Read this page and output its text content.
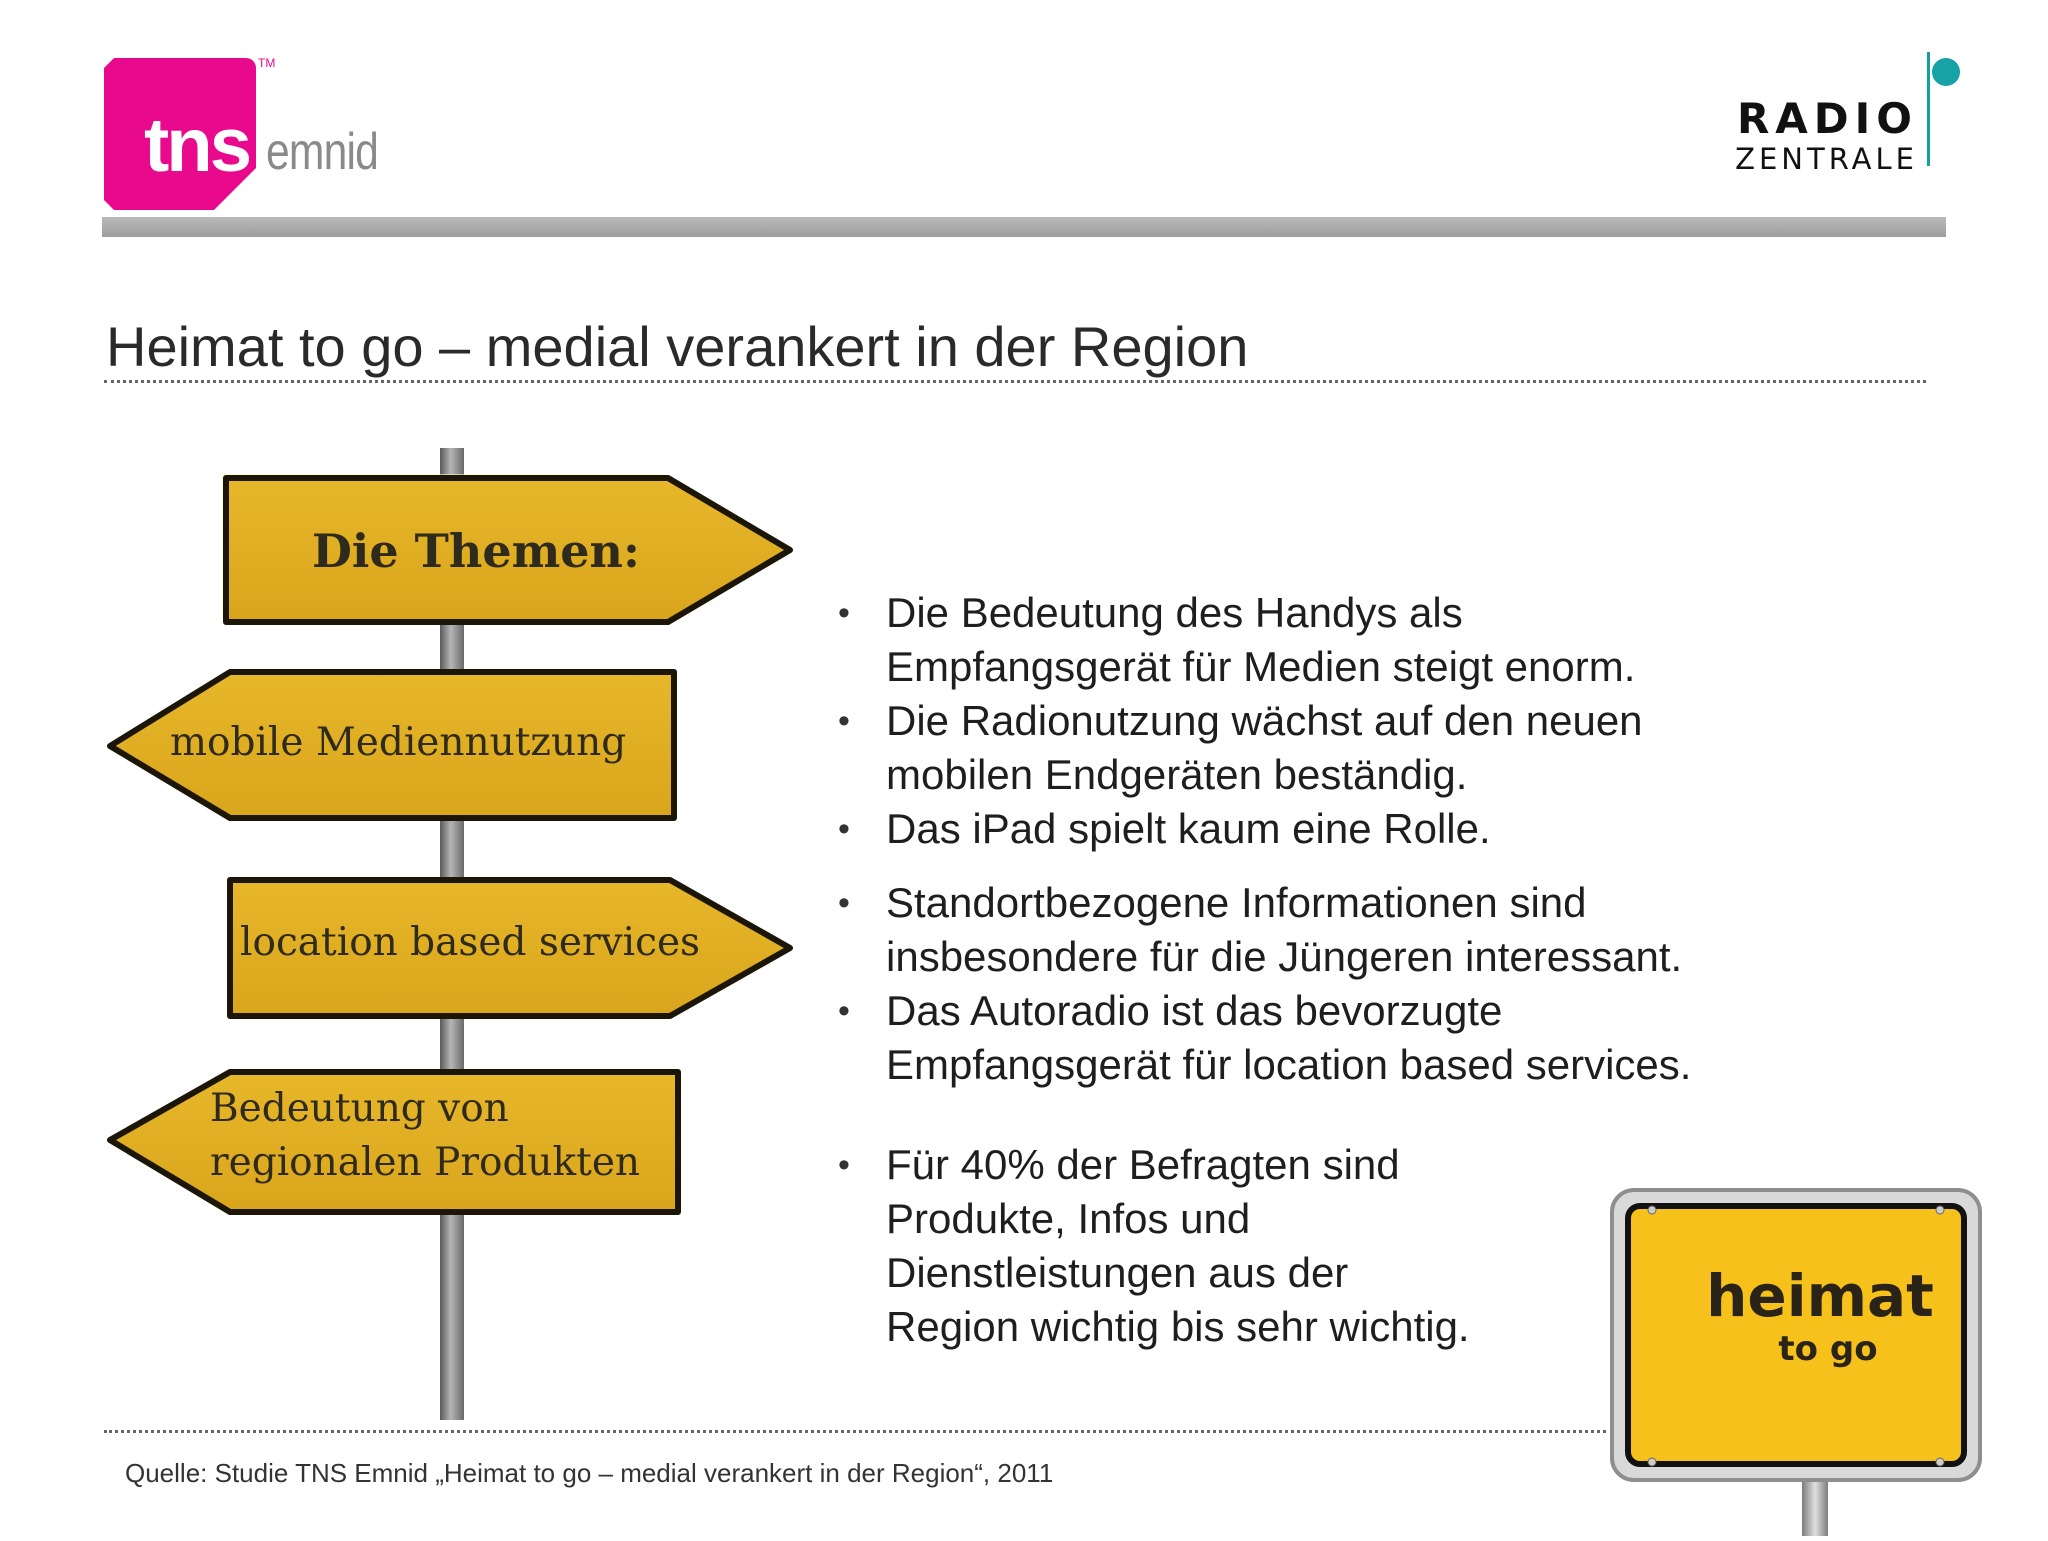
tns
TM
emnid
RADIO
ZENTRALE
Heimat to go – medial verankert in der Region
Die Themen:
mobile Mediennutzung
location based services
Bedeutung von
regionalen Produkten
• Die Bedeutung des Handys als
Empfangsgerät für Medien steigt enorm.
• Die Radionutzung wächst auf den neuen
mobilen Endgeräten beständig.
• Das iPad spielt kaum eine Rolle.
• Standortbezogene Informationen sind
insbesondere für die Jüngeren interessant.
• Das Autoradio ist das bevorzugte
Empfangsgerät für location based services.
• Für 40% der Befragten sind
Produkte, Infos und
Dienstleistungen aus der
Region wichtig bis sehr wichtig.
Quelle: Studie TNS Emnid „Heimat to go – medial verankert in der Region“, 2011
heimat
to go
